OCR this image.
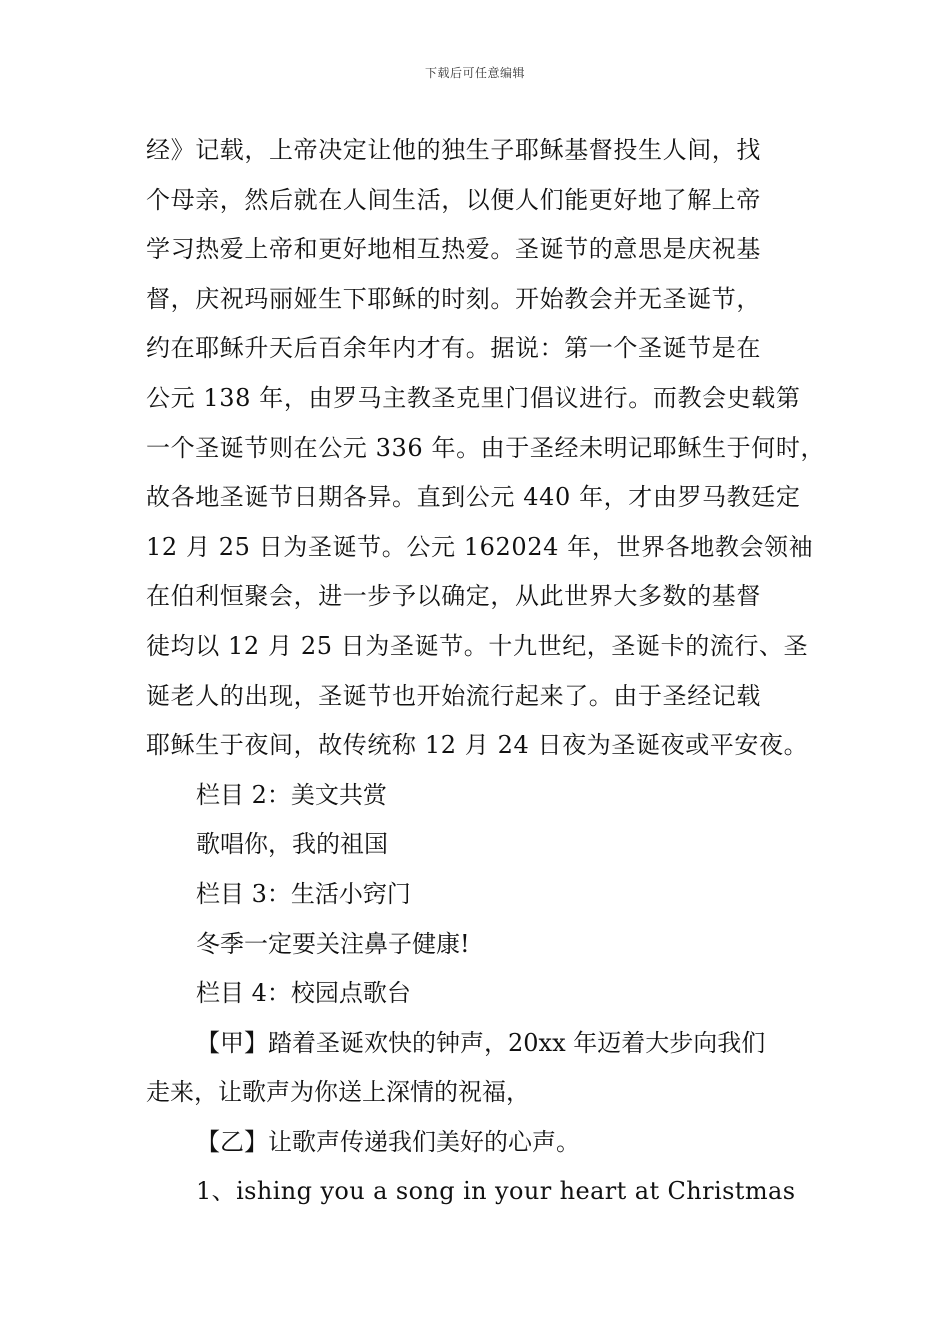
下载后可任意编辑
经》记载，上帝决定让他的独生子耶稣基督投生人间，找
个母亲，然后就在人间生活，以便人们能更好地了解上帝
学习热爱上帝和更好地相互热爱。圣诞节的意思是庆祝基
督，庆祝玛丽娅生下耶稣的时刻。开始教会并无圣诞节，
约在耶稣升天后百余年内才有。据说：第一个圣诞节是在
公元 138 年，由罗马主教圣克里门倡议进行。而教会史载第
一个圣诞节则在公元 336 年。由于圣经未明记耶稣生于何时，
故各地圣诞节日期各异。直到公元 440 年，才由罗马教廷定
12 月 25 日为圣诞节。公元 162024 年，世界各地教会领袖
在伯利恒聚会，进一步予以确定，从此世界大多数的基督
徒均以 12 月 25 日为圣诞节。十九世纪，圣诞卡的流行、圣
诞老人的出现，圣诞节也开始流行起来了。由于圣经记载
耶稣生于夜间，故传统称 12 月 24 日夜为圣诞夜或平安夜。
栏目 2：美文共赏
歌唱你，我的祖国
栏目 3：生活小窍门
冬季一定要关注鼻子健康!
栏目 4：校园点歌台
【甲】踏着圣诞欢快的钟声，20xx 年迈着大步向我们
走来，让歌声为你送上深情的祝福，
【乙】让歌声传递我们美好的心声。
1、ishing you a song in your heart at Christmas
